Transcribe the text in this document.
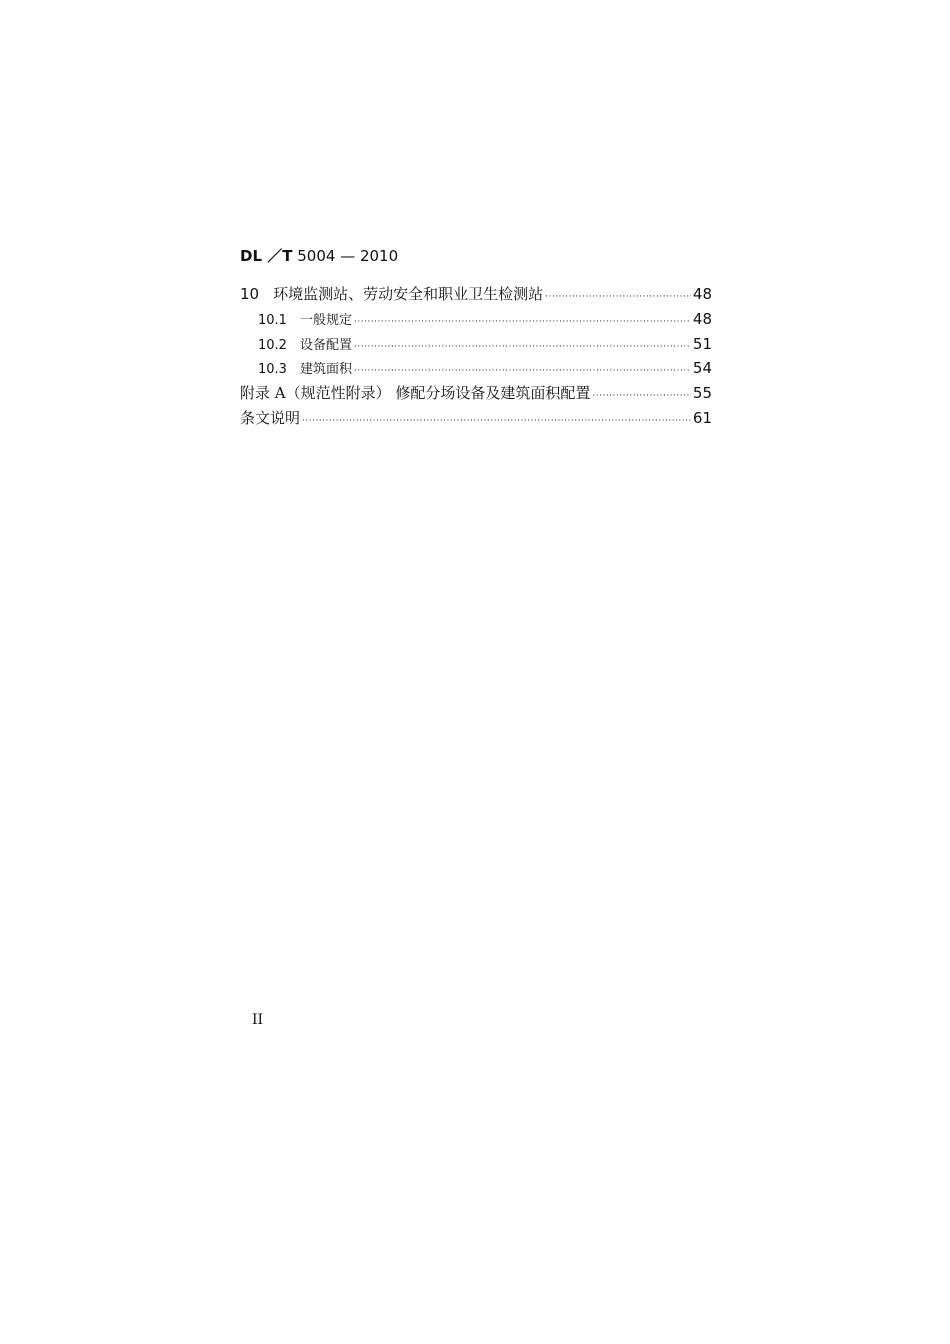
DL ／T 5004 — 2010
10 环境监测站、劳动安全和职业卫生检测站 ·····	48
10.1 一般规定 ·····	48
10.2 设备配置 ·····	51
10.3 建筑面积 ·····	54
附录 A（规范性附录） 修配分场设备及建筑面积配置 ·····	55
条文说明 ·····	61
II
